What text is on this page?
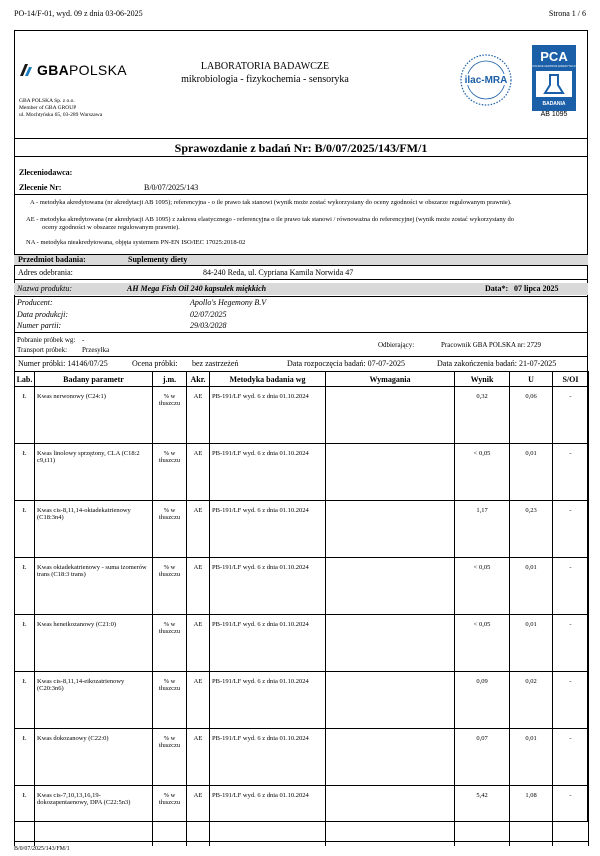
PO-14/F-01, wyd. 09 z dnia 03-06-2025	Strona 1 / 6
GBAPOLSKA
GBA POLSKA Sp. z o.o.
Member of GBA GROUP
ul. Mochtyńska 65, 03-289 Warszawa
LABORATORIA BADAWCZE
mikrobiologia - fizykochemia - sensoryka	ilac-MRA
PCA
POLSKIE CENTRUM AKREDYTACJI
BADANIA
AB 1095
Sprawozdanie z badań Nr: B/0/07/2025/143/FM/1
Zleceniodawca:
Zlecenie Nr:	B/0/07/2025/143
A - metodyka akredytowana (nr akredytacji AB 1095); referencyjna - o ile prawo tak stanowi (wynik może zostać wykorzystany do oceny zgodności w obszarze regulowanym prawnie).
AE - metodyka akredytowana (nr akredytacji AB 1095) z zakresu elastycznego - referencyjna o ile prawo tak stanowi / równoważna do referencyjnej (wynik może zostać wykorzystany do
oceny zgodności w obszarze regulowanym prawnie).
NA - metodyka nieakredytowana, objęta systemem PN-EN ISO/IEC 17025:2018-02
Przedmiot badania:	Suplementy diety
Adres odebrania:	84-240 Reda, ul. Cypriana Kamila Norwida 47
Nazwa produktu:	AH Mega Fish Oil 240 kapsułek miękkich	Data*: 07 lipca 2025
Producent:	Apollo's Hegemony B.V
Data produkcji:	02/07/2025
Numer partii:	29/03/2028
Pobranie próbek wg: -
Transport próbek: Przesyłka
Odbierający:	Pracownik GBA POLSKA nr: 2729
Numer próbki: 14146/07/25	Ocena próbki: bez zastrzeżeń	Data rozpoczęcia badań: 07-07-2025	Data zakończenia badań: 21-07-2025
Lab.	Badany parametr	j.m.	Akr.	Metodyka badania wg	Wymagania	Wynik	U	S/OI
Ł	Kwas nerwonowy (C24:1)	% w tłuszczu	AE	PB-191/LF wyd. 6 z dnia 01.10.2024		0,32	0,06	-
Ł	Kwas linolowy sprzężony, CLA (C18:2 c9,t11)	% w tłuszczu	AE	PB-191/LF wyd. 6 z dnia 01.10.2024		< 0,05	0,01	-
Ł	Kwas cis-8,11,14-oktadekatrienowy (C18:3n4)	% w tłuszczu	AE	PB-191/LF wyd. 6 z dnia 01.10.2024		1,17	0,23	-
Ł	Kwas oktadekatrienowy - suma izomerów trans (C18:3 trans)	% w tłuszczu	AE	PB-191/LF wyd. 6 z dnia 01.10.2024		< 0,05	0,01	-
Ł	Kwas heneikozanowy (C21:0)	% w tłuszczu	AE	PB-191/LF wyd. 6 z dnia 01.10.2024		< 0,05	0,01	-
Ł	Kwas cis-8,11,14-eikozatrienowy (C20:3n6)	% w tłuszczu	AE	PB-191/LF wyd. 6 z dnia 01.10.2024		0,09	0,02	-
Ł	Kwas dokozanowy (C22:0)	% w tłuszczu	AE	PB-191/LF wyd. 6 z dnia 01.10.2024		0,07	0,01	-
Ł	Kwas cis-7,10,13,16,19-dokozapentaenowy, DPA (C22:5n3)	% w tłuszczu	AE	PB-191/LF wyd. 6 z dnia 01.10.2024		5,42	1,08	-
B/0/07/2025/143/FM/1
